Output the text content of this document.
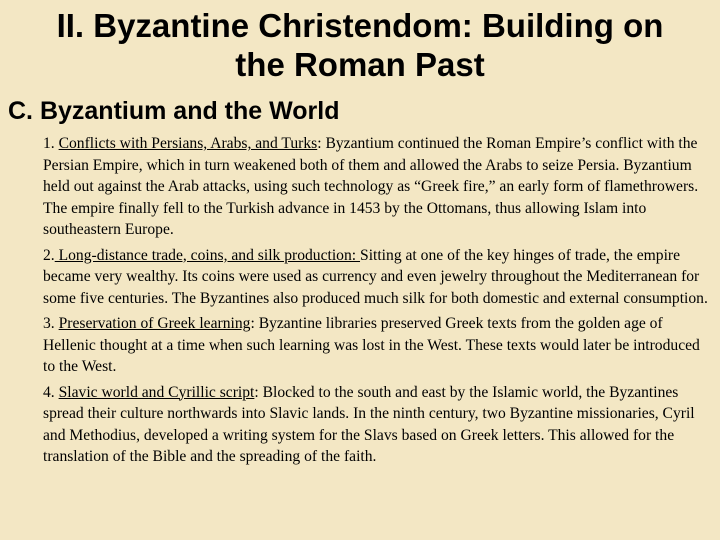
II. Byzantine Christendom: Building on
the Roman Past
C. Byzantium and the World

1. Conflicts with Persians, Arabs, and Turks: Byzantium continued the Roman Empire’s conflict with the Persian Empire, which in turn weakened both of them and allowed the Arabs to seize Persia. Byzantium held out against the Arab attacks, using such technology as “Greek fire,” an early form of flamethrowers. The empire finally fell to the Turkish advance in 1453 by the Ottomans, thus allowing Islam into southeastern Europe.

2. Long-distance trade, coins, and silk production: Sitting at one of the key hinges of trade, the empire became very wealthy. Its coins were used as currency and even jewelry throughout the Mediterranean for some five centuries. The Byzantines also produced much silk for both domestic and external consumption.

3. Preservation of Greek learning: Byzantine libraries preserved Greek texts from the golden age of Hellenic thought at a time when such learning was lost in the West. These texts would later be introduced to the West.

4. Slavic world and Cyrillic script: Blocked to the south and east by the Islamic world, the Byzantines spread their culture northwards into Slavic lands. In the ninth century, two Byzantine missionaries, Cyril and Methodius, developed a writing system for the Slavs based on Greek letters. This allowed for the translation of the Bible and the spreading of the faith.
